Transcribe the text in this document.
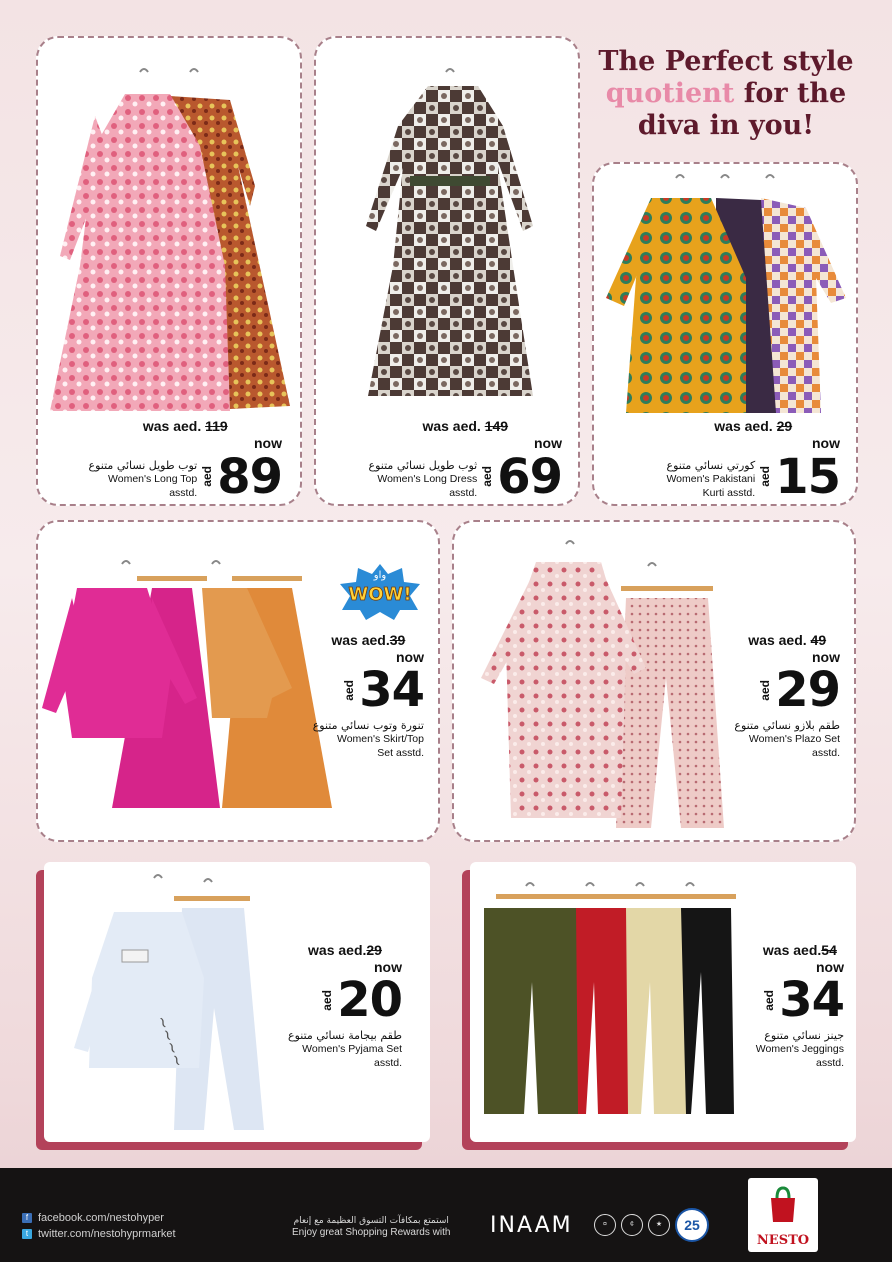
was aed. 119
now
توب طويل نسائي متنوع
Women's Long Top
asstd.
aed 89
was aed. 149
now
ثوب طويل نسائي متنوع
Women's Long Dress
asstd.
aed 69
The Perfect style
quotient for the
diva in you!
was aed. 29
now
كورتي نسائي متنوع
Women's Pakistani
Kurti asstd.
aed 15
واو
WOW!
was aed.39
now
aed 34
تنورة وتوب نسائي متنوع
Women's Skirt/Top
Set asstd.
was aed. 49
now
aed 29
طقم بلازو نسائي متنوع
Women's Plazo Set
asstd.
~~~~
was aed.29
now
aed 20
طقم بيجامة نسائي متنوع
Women's Pyjama Set
asstd.
was aed.54
now
aed 34
جينز نسائي متنوع
Women's Jeggings
asstd.
f facebook.com/nestohyper
t twitter.com/nestohyprmarket
استمتع بمكافآت التسوق العظيمة مع إنعام
Enjoy great Shopping Rewards with INAAM	¤	¢	★	25
NESTO
